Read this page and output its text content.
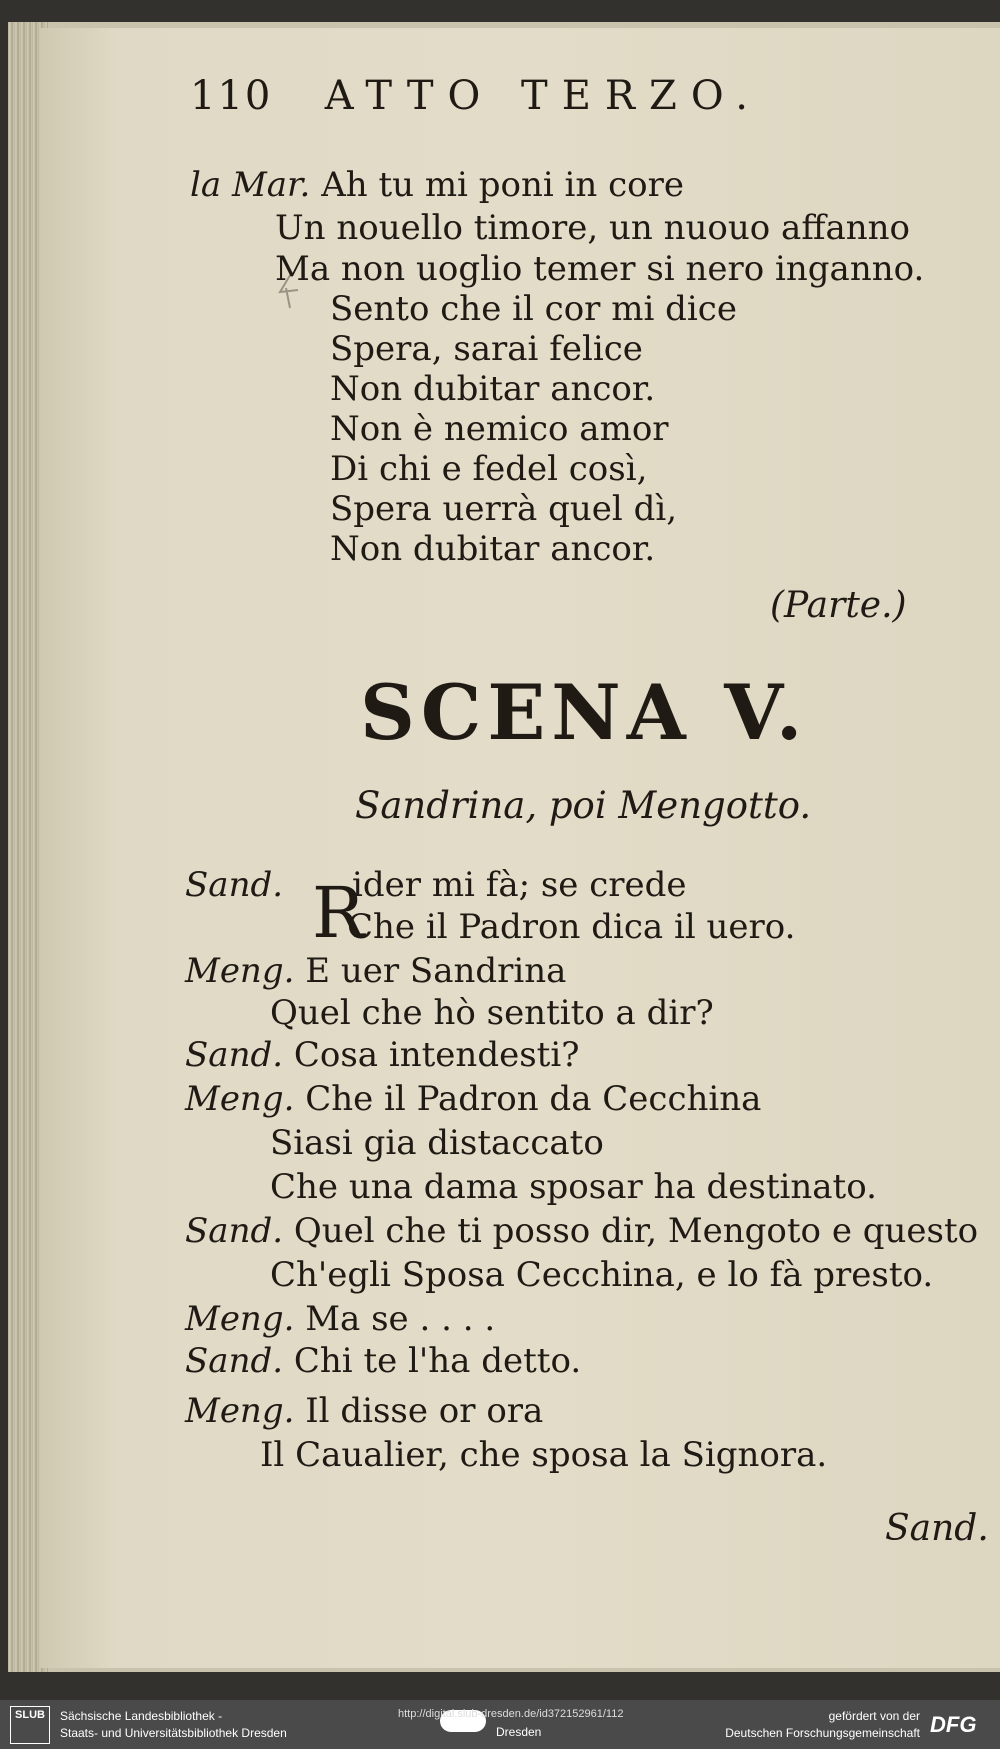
110 ATTO TERZO.
la Mar. Ah tu mi poni in core
Un nouello timore, un nuouo affanno
Ma non uoglio temer si nero inganno.
Sento che il cor mi dice
Spera, sarai felice
Non dubitar ancor.
Non è nemico amor
Di chi e fedel così,
Spera uerrà quel dì,
Non dubitar ancor.
(Parte.)
SCENA V.
Sandrina, poi Mengotto.
Sand. R
ider mi fà; se crede
Che il Padron dica il uero.
Meng. E uer Sandrina
Quel che hò sentito a dir?
Sand. Cosa intendesti?
Meng. Che il Padron da Cecchina
Siasi gia distaccato
Che una dama sposar ha destinato.
Sand. Quel che ti posso dir, Mengoto e questo
Ch'egli Sposa Cecchina, e lo fà presto.
Meng. Ma se . . . .
Sand. Chi te l'ha detto.
Meng. Il disse or ora
Il Caualier, che sposa la Signora.
Sand.
SLUB	Sächsische Landesbibliothek -
Staats- und Universitätsbibliothek Dresden
http://digital.slub-dresden.de/id372152961/112
Dresden
gefördert von der
Deutschen Forschungsgemeinschaft DFG
